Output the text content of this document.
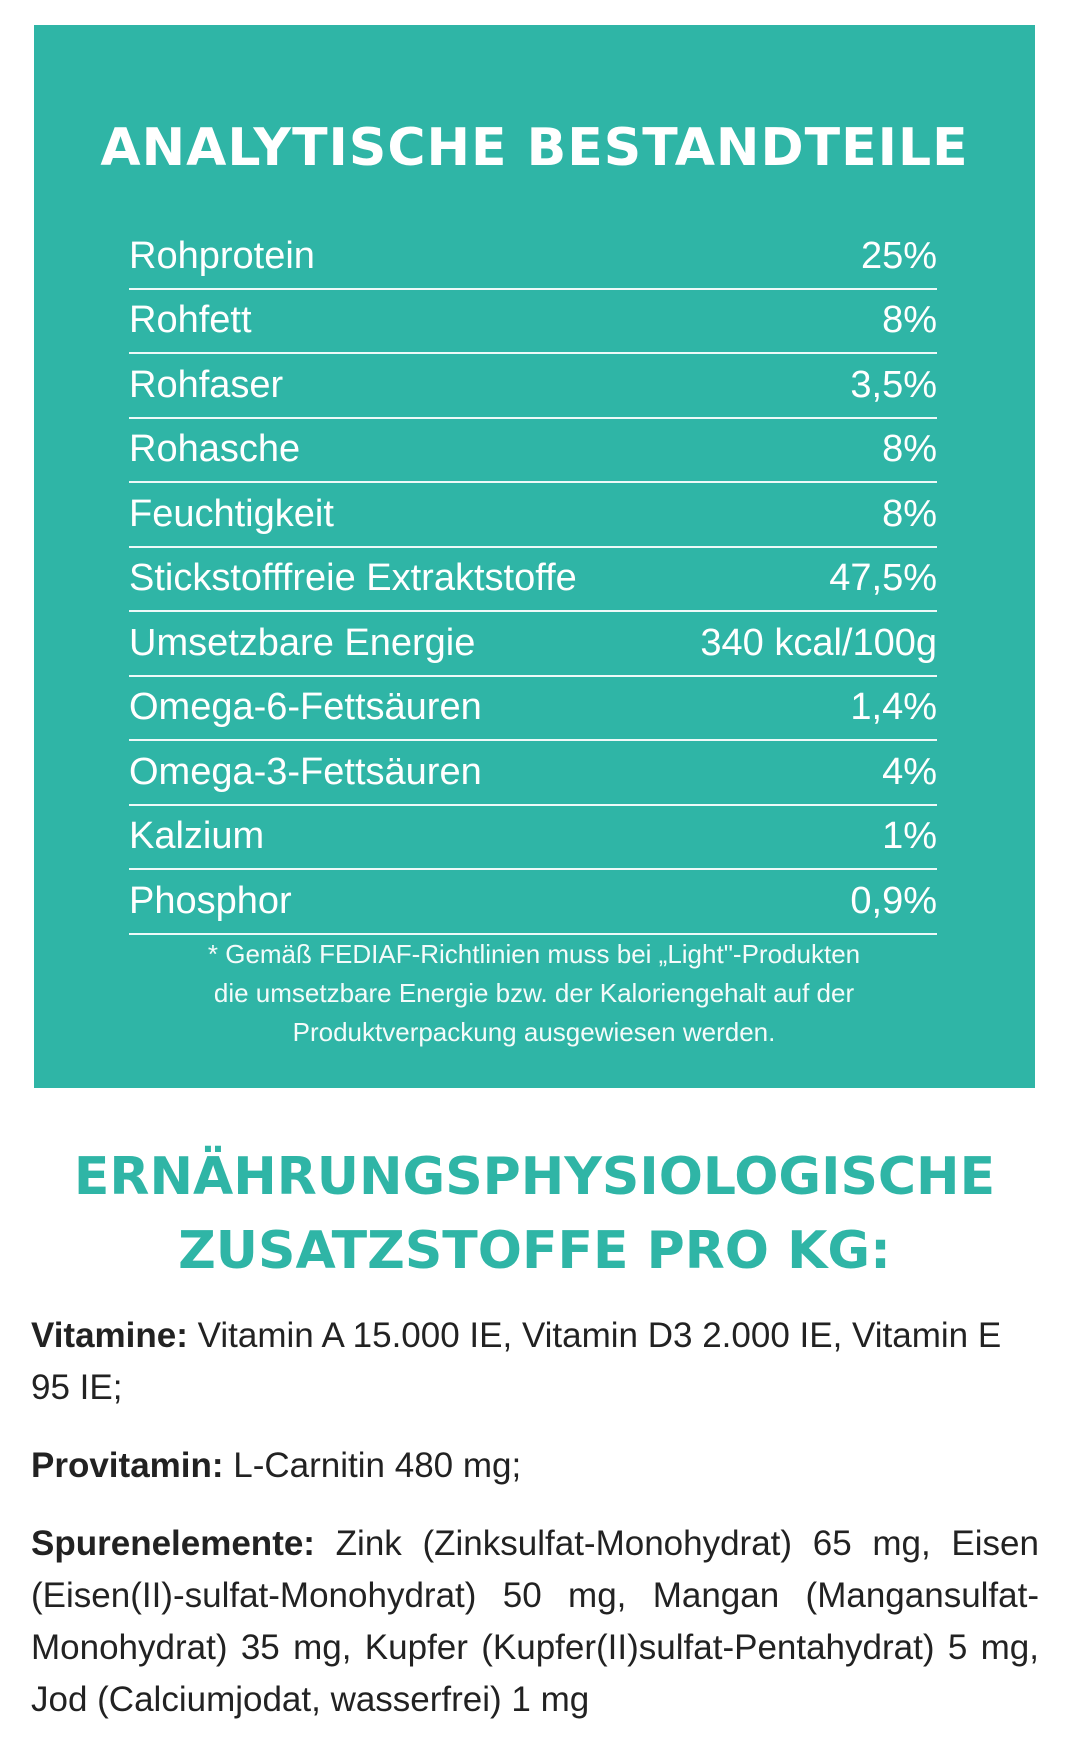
ANALYTISCHE BESTANDTEILE
Rohprotein	25%
Rohfett	8%
Rohfaser	3,5%
Rohasche	8%
Feuchtigkeit	8%
Stickstofffreie Extraktstoffe	47,5%
Umsetzbare Energie	340 kcal/100g
Omega-6-Fettsäuren	1,4%
Omega-3-Fettsäuren	4%
Kalzium	1%
Phosphor	0,9%
* Gemäß FEDIAF-Richtlinien muss bei „Light"-Produkten
die umsetzbare Energie bzw. der Kaloriengehalt auf der
Produktverpackung ausgewiesen werden.
ERNÄHRUNGSPHYSIOLOGISCHE
ZUSATZSTOFFE PRO KG:
Vitamine: Vitamin A 15.000 IE, Vitamin D3 2.000 IE, Vitamin E 95 IE;
Provitamin: L-Carnitin 480 mg;
Spurenelemente: Zink (Zinksulfat-Monohydrat) 65 mg, Eisen (Eisen(II)-sulfat-Monohydrat) 50 mg, Mangan (Mangansulfat-Monohydrat) 35 mg, Kupfer (Kupfer(II)sulfat-Pentahydrat) 5 mg, Jod (Calciumjodat, wasserfrei) 1 mg
